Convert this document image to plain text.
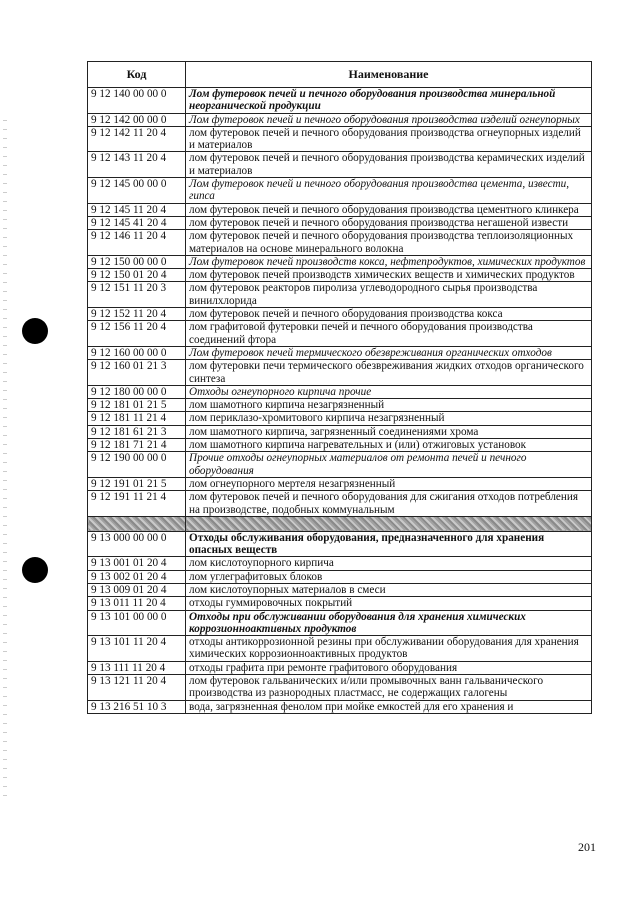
Код	Наименование
9 12 140 00 00 0	Лом футеровок печей и печного оборудования производства минеральной неорганической продукции
9 12 142 00 00 0	Лом футеровок печей и печного оборудования производства изделий огнеупорных
9 12 142 11 20 4	лом футеровок печей и печного оборудования производства огнеупорных изделий и материалов
9 12 143 11 20 4	лом футеровок печей и печного оборудования производства керамических изделий и материалов
9 12 145 00 00 0	Лом футеровок печей и печного оборудования производства цемента, извести, гипса
9 12 145 11 20 4	лом футеровок печей и печного оборудования производства цементного клинкера
9 12 145 41 20 4	лом футеровок печей и печного оборудования производства негашеной извести
9 12 146 11 20 4	лом футеровок печей и печного оборудования производства теплоизоляционных материалов на основе минерального волокна
9 12 150 00 00 0	Лом футеровок печей производств кокса, нефтепродуктов, химических продуктов
9 12 150 01 20 4	лом футеровок печей производств химических веществ и химических продуктов
9 12 151 11 20 3	лом футеровок реакторов пиролиза углеводородного сырья производства винилхлорида
9 12 152 11 20 4	лом футеровок печей и печного оборудования производства кокса
9 12 156 11 20 4	лом графитовой футеровки печей и печного оборудования производства соединений фтора
9 12 160 00 00 0	Лом футеровок печей термического обезвреживания органических отходов
9 12 160 01 21 3	лом футеровки печи термического обезвреживания жидких отходов органического синтеза
9 12 180 00 00 0	Отходы огнеупорного кирпича прочие
9 12 181 01 21 5	лом шамотного кирпича незагрязненный
9 12 181 11 21 4	лом периклазо-хромитового кирпича незагрязненный
9 12 181 61 21 3	лом шамотного кирпича, загрязненный соединениями хрома
9 12 181 71 21 4	лом шамотного кирпича нагревательных и (или) отжиговых установок
9 12 190 00 00 0	Прочие отходы огнеупорных материалов от ремонта печей и печного оборудования
9 12 191 01 21 5	лом огнеупорного мертеля незагрязненный
9 12 191 11 21 4	лом футеровок печей и печного оборудования для сжигания отходов потребления на производстве, подобных коммунальным

9 13 000 00 00 0	Отходы обслуживания оборудования, предназначенного для хранения опасных веществ
9 13 001 01 20 4	лом кислотоупорного кирпича
9 13 002 01 20 4	лом углеграфитовых блоков
9 13 009 01 20 4	лом кислотоупорных материалов в смеси
9 13 011 11 20 4	отходы гуммировочных покрытий
9 13 101 00 00 0	Отходы при обслуживании оборудования для хранения химических коррозионноактивных продуктов
9 13 101 11 20 4	отходы антикоррозионной резины при обслуживании оборудования для хранения химических коррозионноактивных продуктов
9 13 111 11 20 4	отходы графита при ремонте графитового оборудования
9 13 121 11 20 4	лом футеровок гальванических и/или промывочных ванн гальванического производства из разнородных пластмасс, не содержащих галогены
9 13 216 51 10 3	вода, загрязненная фенолом при мойке емкостей для его хранения и
201
